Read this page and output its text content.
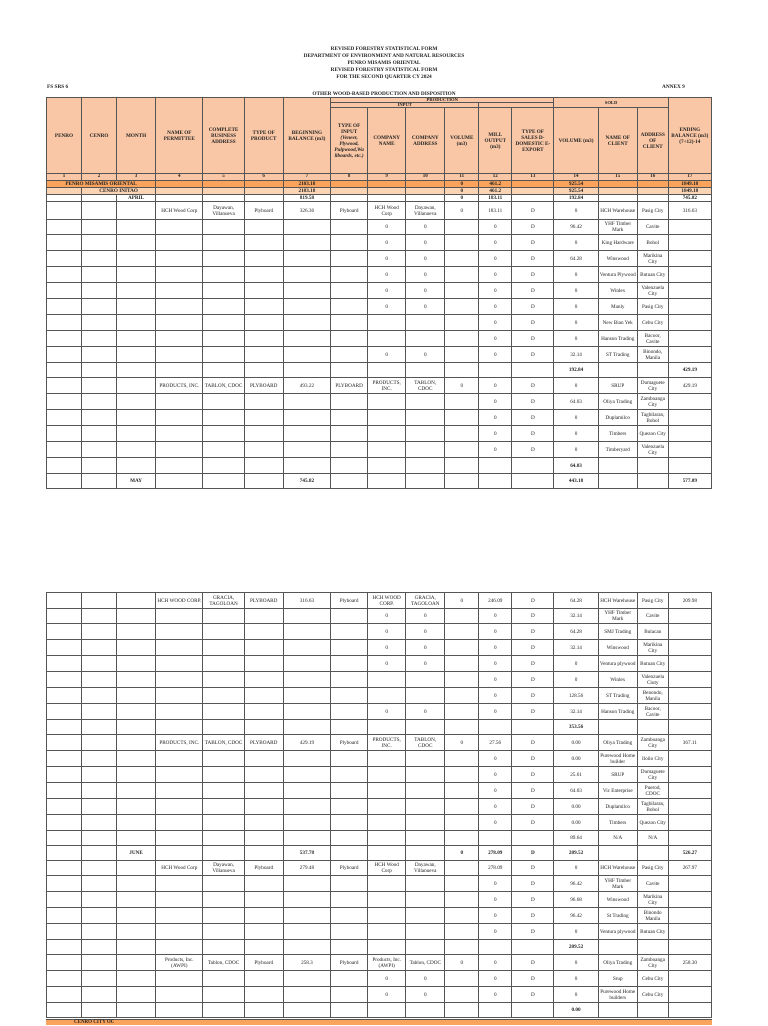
REVISED FORESTRY STATISTICAL FORM
DEPARTMENT OF ENVIRONMENT AND NATURAL RESOURCES
PENRO MISAMIS ORIENTAL
REVISED FORESTRY STATISTICAL FORM
FOR THE SECOND QUARTER CY 2024
FS SRS 6	ANNEX 9
OTHER WOOD-BASED PRODUCTION AND DISPOSITION
PENRO	CENRO	MONTH	NAME OF PERMITTEE	COMPLETE BUSINESS ADDRESS	TYPE OF PRODUCT	BEGINNING BALANCE (m3)	PRODUCTION						SOLD			ENDING BALANCE (m3) (7+12)-14
							INPUT									
							TYPE OF INPUT
(Veneer, Plywood, Pulpwood,Wa llboards, etc.)	COMPANY NAME	COMPANY ADDRESS	VOLUME (m3)	MILL OUTPUT (m3)	TYPE OF SALES D- DOMESTIC E- EXPORT	VOLUME (m3)	NAME OF CLIENT	ADDRESS OF CLIENT	
1	2	3	4	5	6	7	8	9	10	11	12	13	14	15	16	17
PENRO MISAMIS ORIENTAL						2103.18				0	461.2		925.54			1849.18
	CENRO INITAO					2103.18				0	461.2		925.54			1849.18
		APRIL				819.58				0	183.11		192.84			745.82
			HCH Wood Corp	Dayawan, Villanueva	Plyboard	326.36	Plyboard	HCH Wood Corp	Dayawan, Villanueva	0	183.11	D	0	HCH Warehouse	Pasig City	316.63
								0	0		0	D	96.42	YHF Timber Mark	Cavite	
								0	0		0	D	0	King Hardware	Bohol	
								0	0		0	D	64.28	Winswood	Marikina City	
								0	0		0	D	0	Ventura Plywood	Butuan City	
								0	0		0	D	0	Winlex	Valenzuela City	
								0	0		0	D	0	Manly	Pasig City	
											0	D	0	New Bian Yek	Cebu City	
											0	D	0	Hanson Trading	Bacoor, Cavite	
								0	0		0	D	32.14	ST Trading	Binondo, Manila	
													192.84			429.19
			PRODUCTS, INC.	TABLON, CDOC	PLYBOARD	493.22	PLYBOARD	PRODUCTS, INC.	TABLON, CDOC	0	0	D	0	SRUP	Dumaguete City	429.19
											0	D	64.03	Oliya Trading	Zamboanga City	
											0	D	0	Duplamilco	Tagbilaran, Bohol	
											0	D	0	Timbers	Quezon City	
											0	D	0	Timberyard	Valenzuela City	
													64.03			
		MAY				745.82							443.18			577.09
			HCH WOOD CORP.	GRACIA, TAGOLOAN	PLYBOARD	316.63	Plyboard	HCH WOOD CORP.	GRACIA, TAGOLOAN	0	246.09	D	64.28	HCH Warehouse	Pasig City	209.98
								0	0		0	D	32.14	YHF Timber Mark	Cavite	
								0	0		0	D	64.28	SMJ Trading	Bulacan	
								0	0		0	D	32.14	Winswood	Marikina City	
								0	0		0	D	0	Ventura plywood	Butuan City	
											0	D	0	Winlex	Valenzuela Ciuty	
											0	D	128.56	ST Trading	Benondo, Manila	
								0	0		0	D	32.14	Hanson Trading	Bacoor, Cavite	
													353.56			
			PRODUCTS, INC.	TABLON, CDOC	PLYBOARD	429.19	Plyboard	PRODUCTS, INC.	TABLON, CDOC	0	27.56	D	0.00	Oliya Trading	Zamboanga City	367.11
											0	D	0.00	Purewood Home builder	Iloilo City	
											0	D	25.61	SRUP	Dumaguete City	
											0	D	64.03	Vic Enterprise	Puerod, CDOC	
											0	D	0.00	Duplamilco	Tagbilaran, Bohol	
											0	D	0.00	Timbers	Quezon City	
													89.64	N/A	N/A	
		JUNE				537.78				0	278.09	D	209.52			526.27
			HCH Wood Corp	Dayawan, Villanueva	Plyboard	279.48	Plyboard	HCH Wood Corp	Dayawan, Villanueva		278.09	D	0	HCH Warehouse	Pasig City	267.97
											0	D	96.42	YHF Timber Mark	Cavite	
											0	D	96.68	Winswood	Marikina City	
											0	D	96.42	St Trading	Binondo Manila	
											0	D	0	Ventura plywood	Butuan City	
													209.52			
			Products, Inc. (AWPI)	Tablon, CDOC	Plyboard	258.3	Plyboard	Products, Inc. (AWPI)	Tablon, CDOC	0	0	D	0	Oliya Trading	Zamboanga City	258.30
								0	0		0	D	0	Srup	Cebu City	
								0	0		0	D	0	Purewood Home builders	Cebu City	
													0.00			
CENRO CITY OC
